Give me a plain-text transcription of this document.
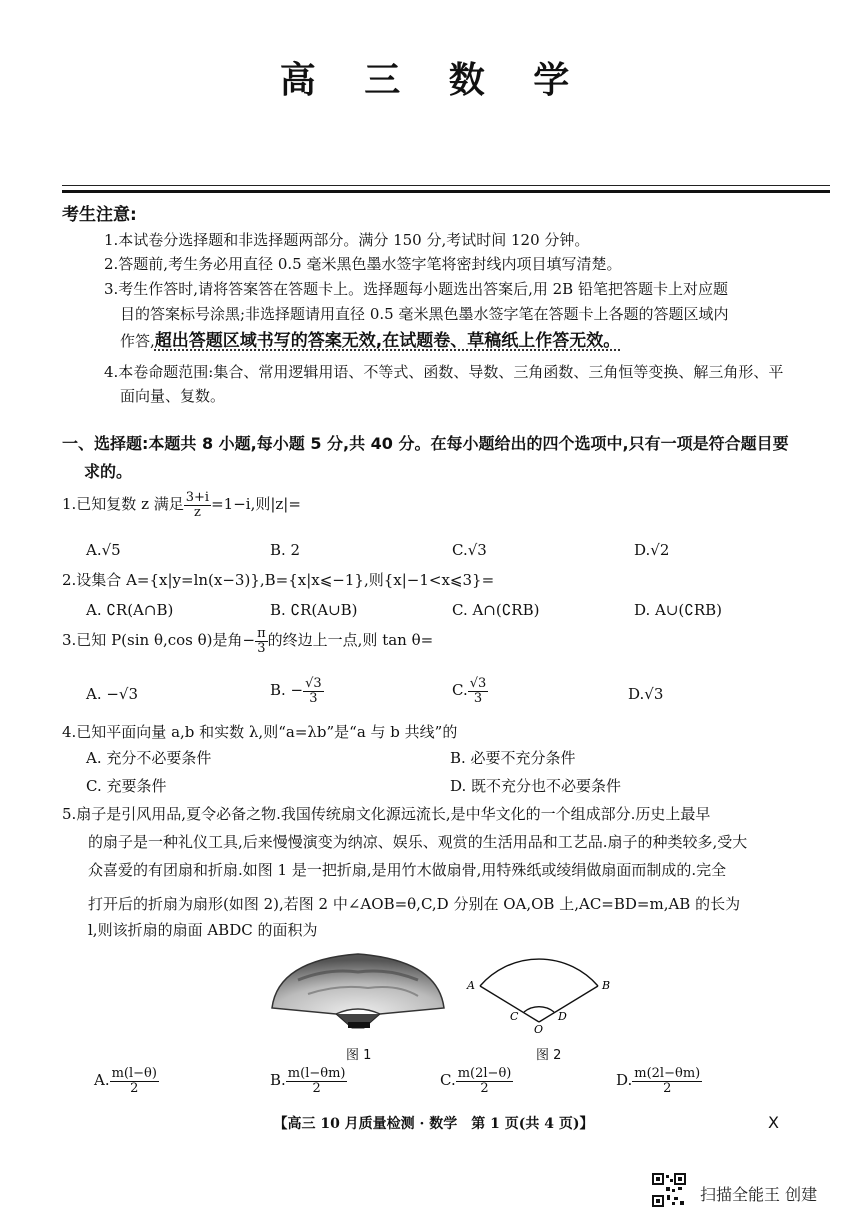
高 三 数 学
考生注意:
1.本试卷分选择题和非选择题两部分。满分 150 分,考试时间 120 分钟。
2.答题前,考生务必用直径 0.5 毫米黑色墨水签字笔将密封线内项目填写清楚。
3.考生作答时,请将答案答在答题卡上。选择题每小题选出答案后,用 2B 铅笔把答题卡上对应题
目的答案标号涂黑;非选择题请用直径 0.5 毫米黑色墨水签字笔在答题卡上各题的答题区域内
作答,超出答题区域书写的答案无效,在试题卷、草稿纸上作答无效。
4.本卷命题范围:集合、常用逻辑用语、不等式、函数、导数、三角函数、三角恒等变换、解三角形、平
面向量、复数。
一、选择题:本题共 8 小题,每小题 5 分,共 40 分。在每小题给出的四个选项中,只有一项是符合题目要
求的。
1.已知复数 z 满足 $\frac{3+i}{z} =1-i$,则|z|=
A.√5	B. 2	C.√3	D.√2
2.设集合 A={x|y=ln(x−3)},B={x|x⩽−1},则{x|−1<x⩽3}=
A. ∁R(A∩B)	B. ∁R(A∪B)	C. A∩(∁RB)	D. A∪(∁RB)
3.已知 P(sin θ,cos θ)是角− $\frac{\pi}{3}$ 的终边上一点,则 tan θ=
A. −√3	B. − $\frac{√3}{3}$	C. $\frac{√3}{3}$	D.√3
4.已知平面向量 a,b 和实数 λ,则“a=λb”是“a 与 b 共线”的
A. 充分不必要条件	B. 必要不充分条件
C. 充要条件	D. 既不充分也不必要条件
5.扇子是引风用品,夏令必备之物.我国传统扇文化源远流长,是中华文化的一个组成部分.历史上最早
的扇子是一种礼仪工具,后来慢慢演变为纳凉、娱乐、观赏的生活用品和工艺品.扇子的种类较多,受大
众喜爱的有团扇和折扇.如图 1 是一把折扇,是用竹木做扇骨,用特殊纸或绫绢做扇面而制成的.完全
打开后的折扇为扇形(如图 2),若图 2 中∠AOB=θ,C,D 分别在 OA,OB 上,AC=BD=m,AB 的长为
l,则该折扇的扇面 ABDC 的面积为
图 1
A	B
C	D
O
图 2
A. $\frac{m(l-\theta)}{2}$	B. $\frac{m(l-\theta m)}{2}$	C. $\frac{m(2l-\theta)}{2}$	D. $\frac{m(2l-\theta m)}{2}$
【高三 10 月质量检测 · 数学　第 1 页(共 4 页)】	X
扫描全能王 创建
